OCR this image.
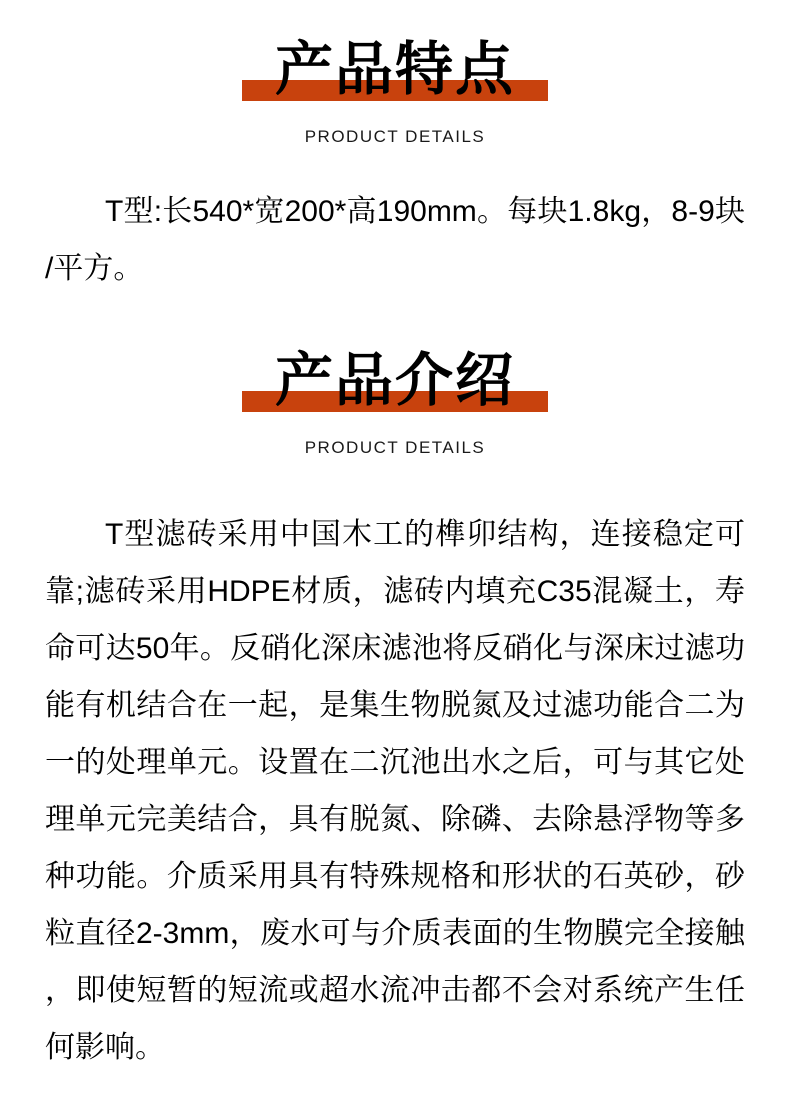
产品特点
PRODUCT DETAILS

T型:长540*宽200*高190mm。每块1.8kg，8-9块/平方。

产品介绍
PRODUCT DETAILS

T型滤砖采用中国木工的榫卯结构，连接稳定可靠;滤砖采用HDPE材质，滤砖内填充C35混凝土，寿命可达50年。反硝化深床滤池将反硝化与深床过滤功能有机结合在一起，是集生物脱氮及过滤功能合二为一的处理单元。设置在二沉池出水之后，可与其它处理单元完美结合，具有脱氮、除磷、去除悬浮物等多种功能。介质采用具有特殊规格和形状的石英砂，砂粒直径2-3mm，废水可与介质表面的生物膜完全接触，即使短暂的短流或超水流冲击都不会对系统产生任何影响。
